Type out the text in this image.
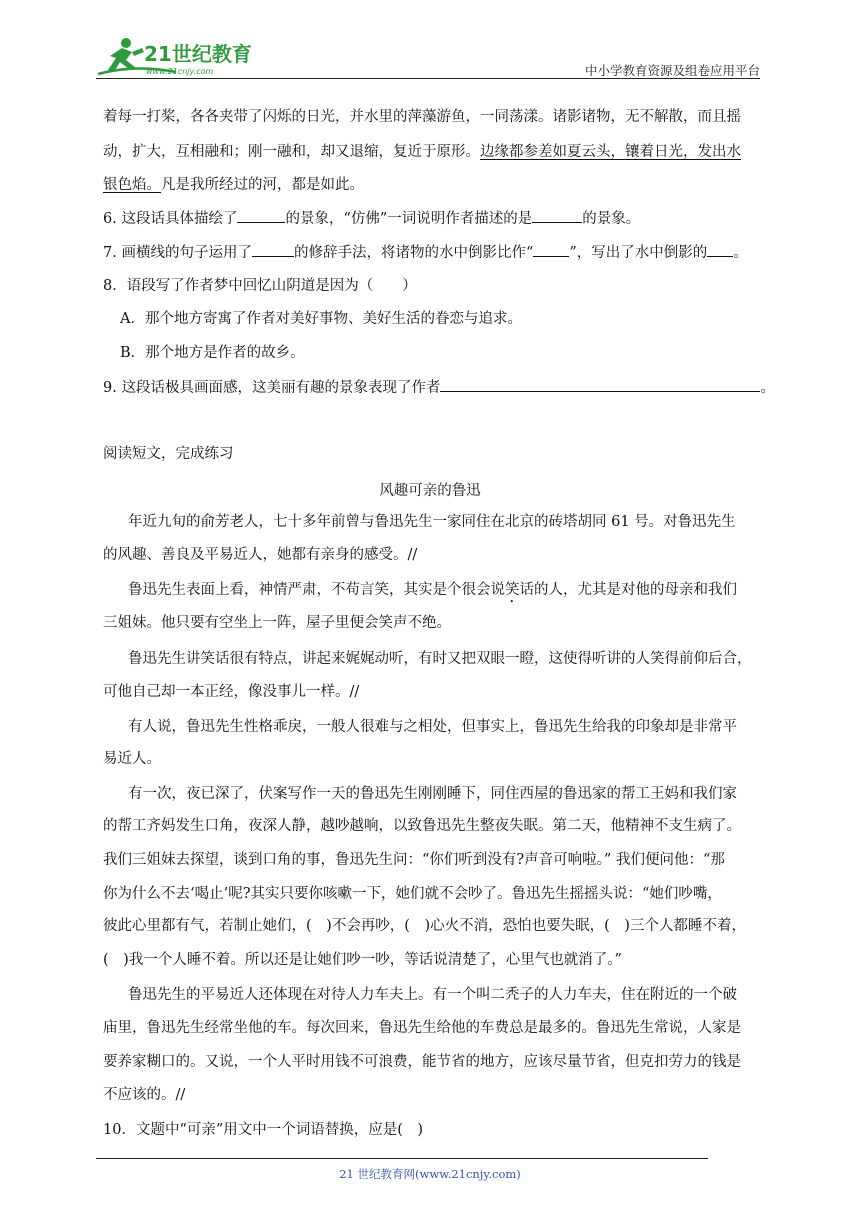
21世纪教育
www.21cnjy.com	中小学教育资源及组卷应用平台
着每一打桨，各各夹带了闪烁的日光，并水里的萍藻游鱼，一同荡漾。诸影诸物，无不解散，而且摇
动，扩大，互相融和；刚一融和，却又退缩，复近于原形。边缘都参差如夏云头，镶着日光，发出水
银色焰。凡是我所经过的河，都是如此。
6. 这段话具体描绘了	的景象，“仿佛”一词说明作者描述的是	的景象。
7. 画横线的句子运用了	的修辞手法，将诸物的水中倒影比作“ ”，写出了水中倒影的 。
8．语段写了作者梦中回忆山阴道是因为（　　）
A．那个地方寄寓了作者对美好事物、美好生活的眷恋与追求。
B．那个地方是作者的故乡。
9. 这段话极具画面感，这美丽有趣的景象表现了作者	。
阅读短文，完成练习
风趣可亲的鲁迅
年近九旬的俞芳老人，七十多年前曾与鲁迅先生一家同住在北京的砖塔胡同 61 号。对鲁迅先生
的风趣、善良及平易近人，她都有亲身的感受。//
鲁迅先生表面上看，神情严肃，不苟言笑，其实是个很会说笑话的人，尤其是对他的母亲和我们
三姐妹。他只要有空坐上一阵，屋子里便会笑声不绝。
鲁迅先生讲笑话很有特点，讲起来娓娓动听，有时又把双眼一瞪，这使得听讲的人笑得前仰后合，
可他自己却一本正经，像没事儿一样。//
有人说，鲁迅先生性格乖戾，一般人很难与之相处，但事实上，鲁迅先生给我的印象却是非常平
易近人。
有一次，夜已深了，伏案写作一天的鲁迅先生刚刚睡下，同住西屋的鲁迅家的帮工王妈和我们家
的帮工齐妈发生口角，夜深人静，越吵越响，以致鲁迅先生整夜失眠。第二天，他精神不支生病了。
我们三姐妹去探望，谈到口角的事，鲁迅先生问：“你们听到没有?声音可响啦。” 我们便问他：“那
你为什么不去‘喝止’呢?其实只要你咳嗽一下，她们就不会吵了。鲁迅先生摇摇头说：“她们吵嘴，
彼此心里都有气，若制止她们，(　)不会再吵，(　)心火不消，恐怕也要失眠，(　)三个人都睡不着，
(　)我一个人睡不着。所以还是让她们吵一吵，等话说清楚了，心里气也就消了。”
鲁迅先生的平易近人还体现在对待人力车夫上。有一个叫二秃子的人力车夫，住在附近的一个破
庙里，鲁迅先生经常坐他的车。每次回来，鲁迅先生给他的车费总是最多的。鲁迅先生常说，人家是
要养家糊口的。又说，一个人平时用钱不可浪费，能节省的地方，应该尽量节省，但克扣劳力的钱是
不应该的。//
10．文题中“可亲”用文中一个词语替换，应是(　)
21 世纪教育网(www.21cnjy.com)
